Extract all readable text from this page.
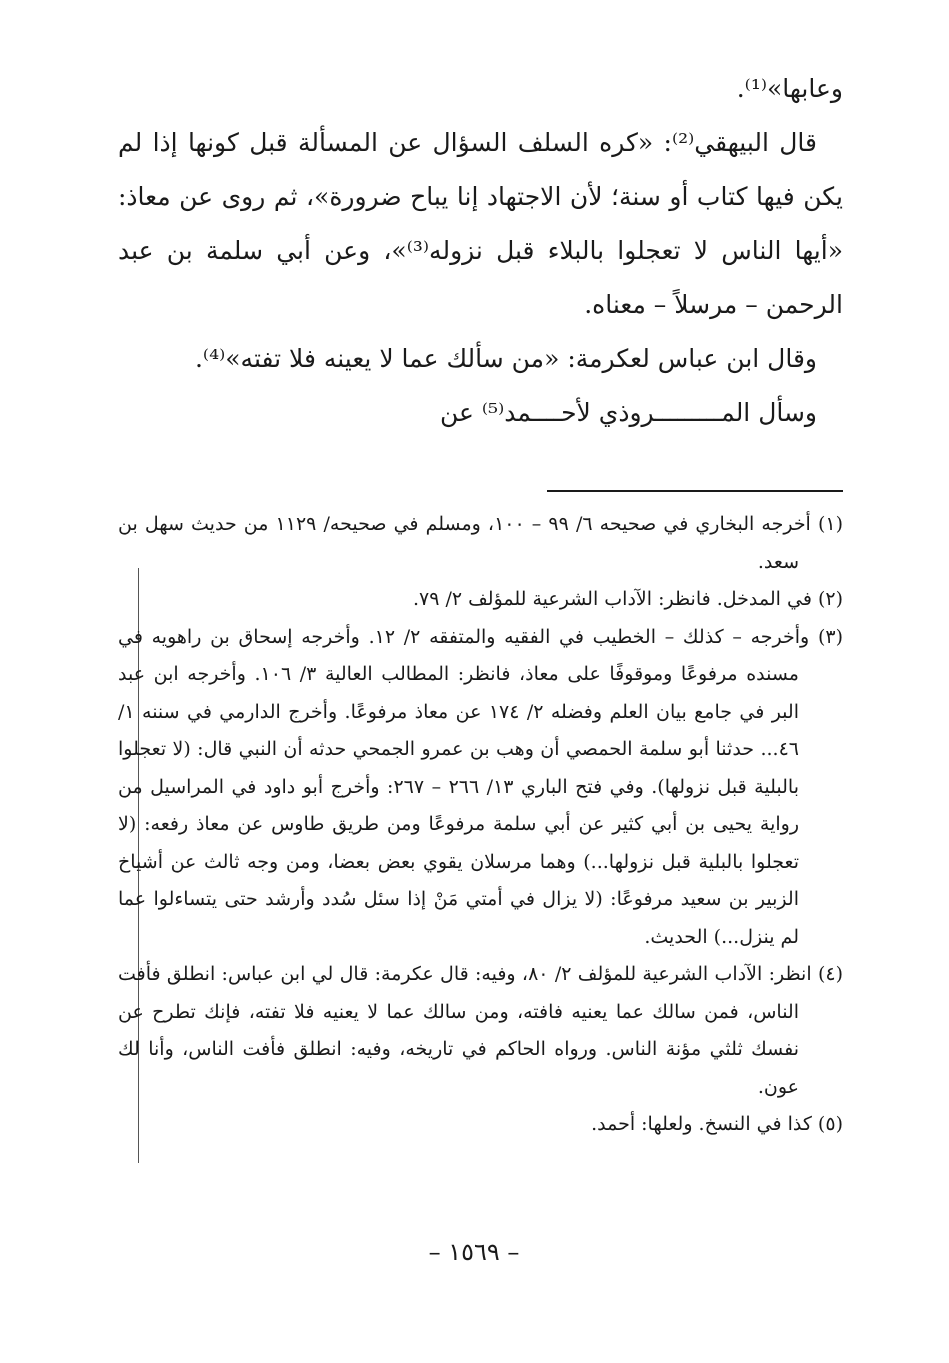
وعابها»⁽¹⁾.

قال البيهقي⁽²⁾: «كره السلف السؤال عن المسألة قبل كونها إذا لم يكن فيها كتاب أو سنة؛ لأن الاجتهاد إنا يباح ضرورة»، ثم روى عن معاذ: «أيها الناس لا تعجلوا بالبلاء قبل نزوله⁽³⁾»، وعن أبي سلمة بن عبد الرحمن – مرسلاً – معناه.

وقال ابن عباس لعكرمة: «من سألك عما لا يعينه فلا تفته»⁽⁴⁾.

وسأل المـــــــــروذي لأحــــمد⁽⁵⁾ عن

(١) أخرجه البخاري في صحيحه ٦/ ٩٩ – ١٠٠، ومسلم في صحيحه/ ١١٢٩ من حديث سهل بن سعد.

(٢) في المدخل. فانظر: الآداب الشرعية للمؤلف ٢/ ٧٩.

(٣) وأخرجه – كذلك – الخطيب في الفقيه والمتفقه ٢/ ١٢. وأخرجه إسحاق بن راهويه في مسنده مرفوعًا وموقوفًا على معاذ، فانظر: المطالب العالية ٣/ ١٠٦. وأخرجه ابن عبد البر في جامع بيان العلم وفضله ٢/ ١٧٤ عن معاذ مرفوعًا. وأخرج الدارمي في سننه ١/ ٤٦... حدثنا أبو سلمة الحمصي أن وهب بن عمرو الجمحي حدثه أن النبي قال: (لا تعجلوا بالبلية قبل نزولها). وفي فتح الباري ١٣/ ٢٦٦ – ٢٦٧: وأخرج أبو داود في المراسيل من رواية يحيى بن أبي كثير عن أبي سلمة مرفوعًا ومن طريق طاوس عن معاذ رفعه: (لا تعجلوا بالبلية قبل نزولها...) وهما مرسلان يقوي بعض بعضا، ومن وجه ثالث عن أشياخ الزبير بن سعيد مرفوعًا: (لا يزال في أمتي مَنْ إذا سئل سُدد وأرشد حتى يتساءلوا عما لم ينزل...) الحديث.

(٤) انظر: الآداب الشرعية للمؤلف ٢/ ٨٠، وفيه: قال عكرمة: قال لي ابن عباس: انطلق فأفت الناس، فمن سالك عما يعنيه فافته، ومن سالك عما لا يعنيه فلا تفته، فإنك تطرح عن نفسك ثلثي مؤنة الناس. ورواه الحاكم في تاريخه، وفيه: انطلق فأفت الناس، وأنا لك عون.

(٥) كذا في النسخ. ولعلها: أحمد.

– ١٥٦٩ –
